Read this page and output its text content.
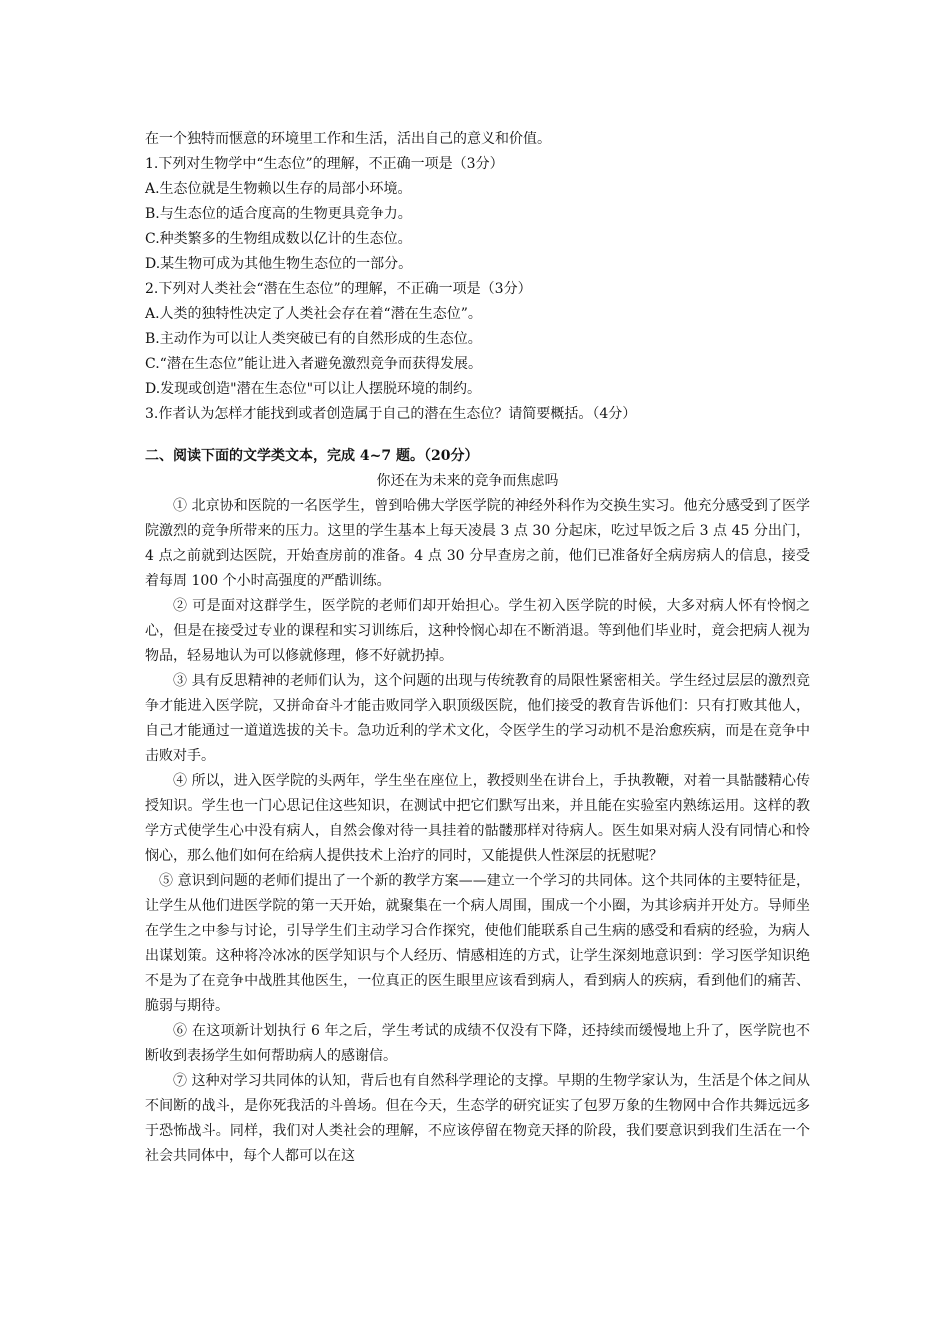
在一个独特而惬意的环境里工作和生活，活出自己的意义和价值。

1.下列对生物学中“生态位”的理解，不正确一项是（3分）

A.生态位就是生物赖以生存的局部小环境。

B.与生态位的适合度高的生物更具竞争力。

C.种类繁多的生物组成数以亿计的生态位。

D.某生物可成为其他生物生态位的一部分。

2.下列对人类社会“潜在生态位”的理解，不正确一项是（3分）

A.人类的独特性决定了人类社会存在着“潜在生态位”。

B.主动作为可以让人类突破已有的自然形成的生态位。

C.“潜在生态位”能让进入者避免激烈竞争而获得发展。

D.发现或创造"潜在生态位"可以让人摆脱环境的制约。

3.作者认为怎样才能找到或者创造属于自己的潜在生态位？请简要概括。（4分）

二、阅读下面的文学类文本，完成 4~7 题。（20分）

你还在为未来的竞争而焦虑吗

① 北京协和医院的一名医学生，曾到哈佛大学医学院的神经外科作为交换生实习。他充分感受到了医学院激烈的竞争所带来的压力。这里的学生基本上每天凌晨 3 点 30 分起床，吃过早饭之后 3 点 45 分出门，4 点之前就到达医院，开始查房前的准备。4 点 30 分早查房之前，他们已准备好全病房病人的信息，接受着每周 100 个小时高强度的严酷训练。

② 可是面对这群学生，医学院的老师们却开始担心。学生初入医学院的时候，大多对病人怀有怜悯之心，但是在接受过专业的课程和实习训练后，这种怜悯心却在不断消退。等到他们毕业时，竟会把病人视为物品，轻易地认为可以修就修理，修不好就扔掉。

③ 具有反思精神的老师们认为，这个问题的出现与传统教育的局限性紧密相关。学生经过层层的激烈竞争才能进入医学院，又拼命奋斗才能击败同学入职顶级医院，他们接受的教育告诉他们：只有打败其他人，自己才能通过一道道选拔的关卡。急功近利的学术文化，令医学生的学习动机不是治愈疾病，而是在竞争中击败对手。

④ 所以，进入医学院的头两年，学生坐在座位上，教授则坐在讲台上，手执教鞭，对着一具骷髅精心传授知识。学生也一门心思记住这些知识，在测试中把它们默写出来，并且能在实验室内熟练运用。这样的教学方式使学生心中没有病人，自然会像对待一具挂着的骷髅那样对待病人。医生如果对病人没有同情心和怜悯心，那么他们如何在给病人提供技术上治疗的同时，又能提供人性深层的抚慰呢？

⑤ 意识到问题的老师们提出了一个新的教学方案——建立一个学习的共同体。这个共同体的主要特征是，让学生从他们进医学院的第一天开始，就聚集在一个病人周围，围成一个小圈，为其诊病并开处方。导师坐在学生之中参与讨论，引导学生们主动学习合作探究，使他们能联系自己生病的感受和看病的经验，为病人出谋划策。这种将冷冰冰的医学知识与个人经历、情感相连的方式，让学生深刻地意识到：学习医学知识绝不是为了在竞争中战胜其他医生，一位真正的医生眼里应该看到病人，看到病人的疾病，看到他们的痛苦、脆弱与期待。

⑥ 在这项新计划执行 6 年之后，学生考试的成绩不仅没有下降，还持续而缓慢地上升了，医学院也不断收到表扬学生如何帮助病人的感谢信。

⑦ 这种对学习共同体的认知，背后也有自然科学理论的支撑。早期的生物学家认为，生活是个体之间从不间断的战斗，是你死我活的斗兽场。但在今天，生态学的研究证实了包罗万象的生物网中合作共舞远远多于恐怖战斗。同样，我们对人类社会的理解，不应该停留在物竞天择的阶段，我们要意识到我们生活在一个社会共同体中，每个人都可以在这
